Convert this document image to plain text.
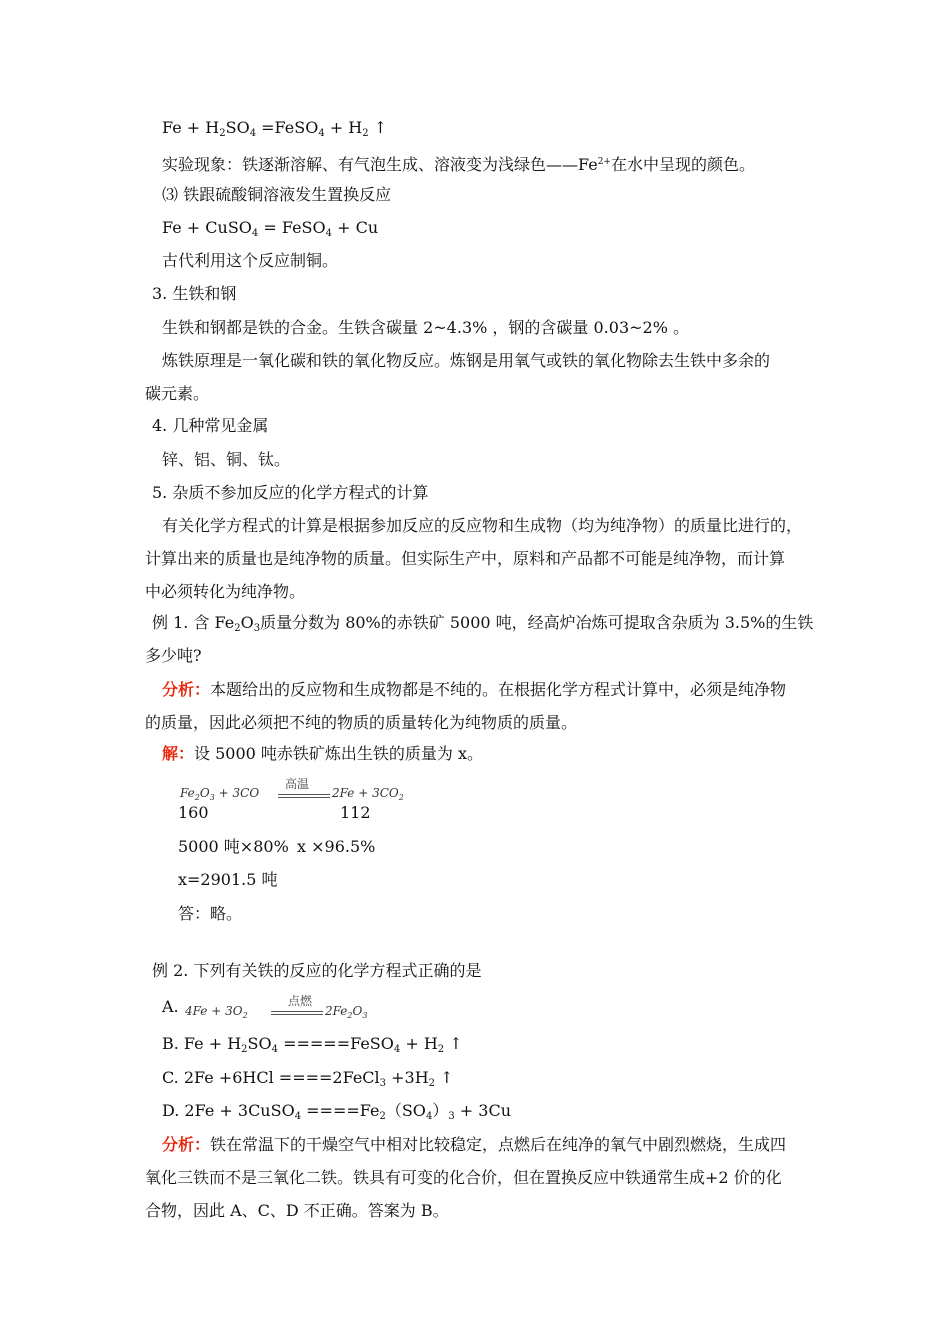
$Fe + H_2SO_4$ =FeSO$_4$ + $H_2$ ↑
实验现象：铁逐渐溶解、有气泡生成、溶液变为浅绿色$——Fe^{2+}$在水中呈现的颜色。
⑶ 铁跟硫酸铜溶液发生置换反应
Fe + CuSO$_4$ = FeSO$_4$ + Cu
古代利用这个反应制铜。
3. 生铁和钢
生铁和钢都是铁的合金。生铁含碳量 2~4.3% ，钢的含碳量 0.03~2% 。
炼铁原理是一氧化碳和铁的氧化物反应。炼钢是用氧气或铁的氧化物除去生铁中多余的
碳元素。
4. 几种常见金属
锌、铝、铜、钛。
5. 杂质不参加反应的化学方程式的计算
有关化学方程式的计算是根据参加反应的反应物和生成物（均为纯净物）的质量比进行的，
计算出来的质量也是纯净物的质量。但实际生产中，原料和产品都不可能是纯净物，而计算
中必须转化为纯净物。
例 1. 含 $Fe_2O_3$质量分数为 80%的赤铁矿 5000 吨，经高炉冶炼可提取含杂质为 3.5%的生铁
多少吨?
分析：本题给出的反应物和生成物都是不纯的。在根据化学方程式计算中，必须是纯净物
的质量，因此必须把不纯的物质的质量转化为纯物质的质量。
解：设 5000 吨赤铁矿炼出生铁的质量为 x。
$Fe_2O_3 + 3CO$
高温
$2Fe + 3CO_2$
160	112
5000 吨×80% x ×96.5%
x=2901.5 吨
答：略。
例 2. 下列有关铁的反应的化学方程式正确的是
A. $4Fe + 3O_2$
点燃
$2Fe_2O_3$
B. $Fe + H_2SO_4$ =====FeSO$_4$ + $H_2$ ↑
C. 2Fe +6HCl ====2FeCl$_3$ $+3H_2$ ↑
D. 2Fe + 3CuSO$_4$ $====Fe_2(SO_4)_3 + 3Cu$
分析：铁在常温下的干燥空气中相对比较稳定，点燃后在纯净的氧气中剧烈燃烧，生成四
氧化三铁而不是三氧化二铁。铁具有可变的化合价，但在置换反应中铁通常生成+2 价的化
合物，因此 A、C、D 不正确。答案为 B。
